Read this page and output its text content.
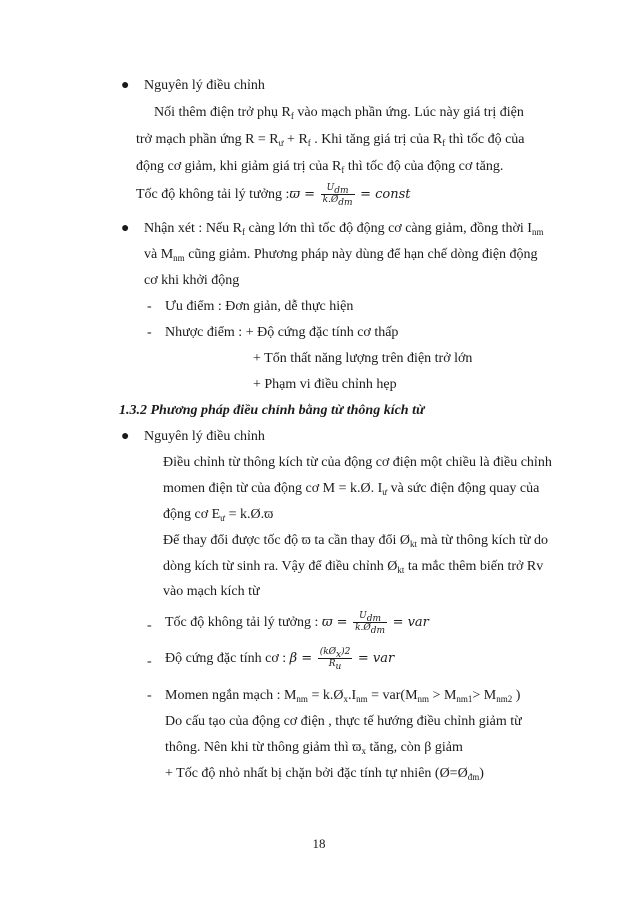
● Nguyên lý điều chỉnh
Nối thêm điện trở phụ $R_f$ vào mạch phần ứng. Lúc này giá trị điện
trở mạch phần ứng $R = R_ư + R_f$ . Khi tăng giá trị của $R_f$ thì tốc độ của
động cơ giảm, khi giảm giá trị của $R_f$ thì tốc độ của động cơ tăng.
Tốc độ không tải lý tưởng :ϖ = $\frac{U_{dm}}{k.Ø_{dm}}$ = const
● Nhận xét : Nếu $R_f$ càng lớn thì tốc độ động cơ càng giảm, đồng thời $I_{nm}$
và $M_{nm}$ cũng giảm. Phương pháp này dùng để hạn chế dòng điện động
cơ khi khởi động
- Ưu điểm : Đơn giản, dễ thực hiện
- Nhược điểm : + Độ cứng đặc tính cơ thấp
+ Tổn thất năng lượng trên điện trở lớn
+ Phạm vi điều chỉnh hẹp
1.3.2 Phương pháp điều chỉnh bằng từ thông kích từ
● Nguyên lý điều chỉnh
Điều chỉnh từ thông kích từ của động cơ điện một chiều là điều chỉnh
momen điện từ của động cơ M = k.Ø. $I_ư$ và sức điện động quay của
động cơ $E_ư$ = k.Ø.ϖ
Để thay đổi được tốc độ ϖ ta cần thay đổi $Ø_{kt}$ mà từ thông kích từ do
dòng kích từ sinh ra. Vậy để điều chỉnh $Ø_{kt}$ ta mắc thêm biến trở Rv
vào mạch kích từ
- Tốc độ không tải lý tưởng : $ϖ = \frac{U_{dm}}{k.Ø_{dm}}$ = var
- Độ cứng đặc tính cơ : $\beta = \frac{(kØ_x)2}{R_u}$ = var
- Momen ngắn mạch : $M_{nm}$ = $k.Ø_x.I_{nm} = var(M_{nm} > M_{nm1}> M_{nm2}$ )
Do cấu tạo của động cơ điện , thực tế hướng điều chỉnh giảm từ
thông. Nên khi từ thông giảm thì $ϖ_x$ tăng, còn β giảm
+ Tốc độ nhỏ nhất bị chặn bởi đặc tính tự nhiên $(Ø=Ø_{đm})$
18
